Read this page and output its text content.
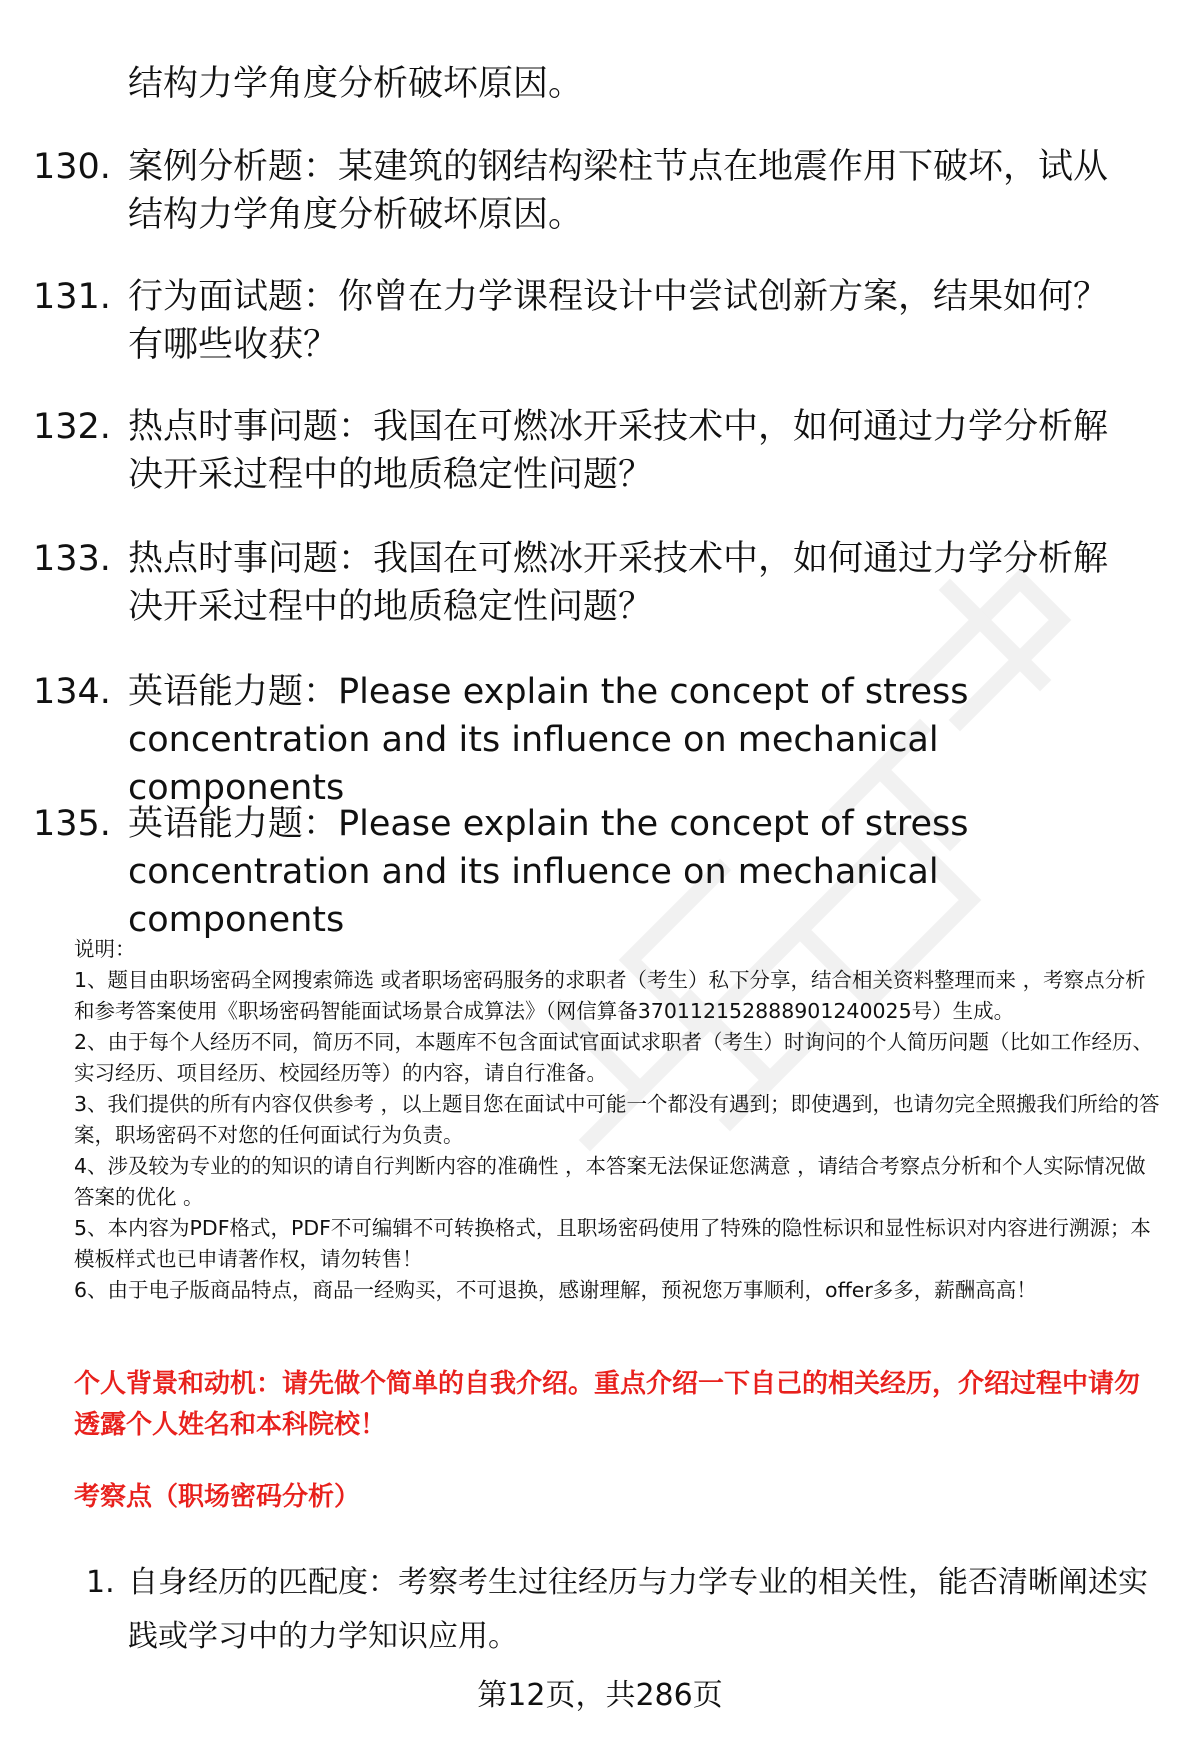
结构力学角度分析破坏原因。
130. 案例分析题：某建筑的钢结构梁柱节点在地震作用下破坏，试从
结构力学角度分析破坏原因。
131. 行为面试题：你曾在力学课程设计中尝试创新方案，结果如何？
有哪些收获？
132. 热点时事问题：我国在可燃冰开采技术中，如何通过力学分析解
决开采过程中的地质稳定性问题？
133. 热点时事问题：我国在可燃冰开采技术中，如何通过力学分析解
决开采过程中的地质稳定性问题？
134. 英语能力题：Please explain the concept of stress
concentration and its influence on mechanical components
135. 英语能力题：Please explain the concept of stress
concentration and its influence on mechanical components

说明：

1、题目由职场密码全网搜索筛选 或者职场密码服务的求职者（考生）私下分享，结合相关资料整理而来 ，考察点分析和参考答案使用《职场密码智能面试场景合成算法》（网信算备370112152888901240025号）生成。

2、由于每个人经历不同，简历不同，本题库不包含面试官面试求职者（考生）时询问的个人简历问题（比如工作经历、实习经历、项目经历、校园经历等）的内容，请自行准备。

3、我们提供的所有内容仅供参考 ，以上题目您在面试中可能一个都没有遇到；即使遇到，也请勿完全照搬我们所给的答案，职场密码不对您的任何面试行为负责。

4、涉及较为专业的的知识的请自行判断内容的准确性 ，本答案无法保证您满意 ，请结合考察点分析和个人实际情况做答案的优化 。

5、本内容为PDF格式，PDF不可编辑不可转换格式，且职场密码使用了特殊的隐性标识和显性标识对内容进行溯源；本模板样式也已申请著作权，请勿转售！

6、由于电子版商品特点，商品一经购买，不可退换，感谢理解，预祝您万事顺利，offer多多，薪酬高高！

个人背景和动机：请先做个简单的自我介绍。重点介绍一下自己的相关经历，介绍过程中请勿透露个人姓名和本科院校！
考察点（职场密码分析）
1. 自身经历的匹配度：考察考生过往经历与力学专业的相关性，能否清晰阐述实践或学习中的力学知识应用。
第12页，共286页
